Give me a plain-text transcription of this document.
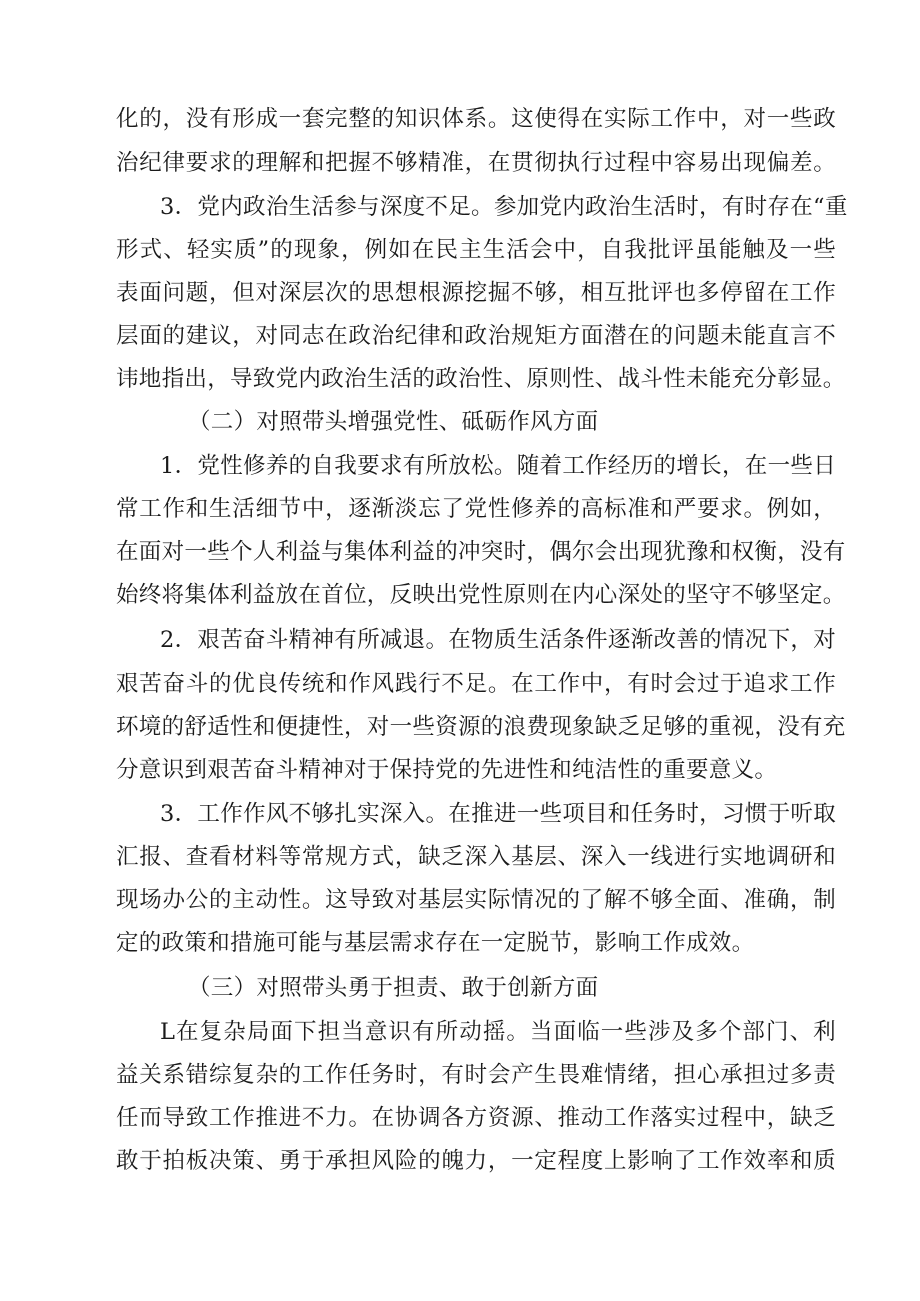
化的，没有形成一套完整的知识体系。这使得在实际工作中，对一些政
治纪律要求的理解和把握不够精准，在贯彻执行过程中容易出现偏差。
3．党内政治生活参与深度不足。参加党内政治生活时，有时存在“重
形式、轻实质”的现象，例如在民主生活会中，自我批评虽能触及一些
表面问题，但对深层次的思想根源挖掘不够，相互批评也多停留在工作
层面的建议，对同志在政治纪律和政治规矩方面潜在的问题未能直言不
讳地指出，导致党内政治生活的政治性、原则性、战斗性未能充分彰显。
（二）对照带头增强党性、砥砺作风方面
1．党性修养的自我要求有所放松。随着工作经历的增长，在一些日
常工作和生活细节中，逐渐淡忘了党性修养的高标准和严要求。例如，
在面对一些个人利益与集体利益的冲突时，偶尔会出现犹豫和权衡，没有
始终将集体利益放在首位，反映出党性原则在内心深处的坚守不够坚定。
2．艰苦奋斗精神有所减退。在物质生活条件逐渐改善的情况下，对
艰苦奋斗的优良传统和作风践行不足。在工作中，有时会过于追求工作
环境的舒适性和便捷性，对一些资源的浪费现象缺乏足够的重视，没有充
分意识到艰苦奋斗精神对于保持党的先进性和纯洁性的重要意义。
3．工作作风不够扎实深入。在推进一些项目和任务时，习惯于听取
汇报、查看材料等常规方式，缺乏深入基层、深入一线进行实地调研和
现场办公的主动性。这导致对基层实际情况的了解不够全面、准确，制
定的政策和措施可能与基层需求存在一定脱节，影响工作成效。
（三）对照带头勇于担责、敢于创新方面
L在复杂局面下担当意识有所动摇。当面临一些涉及多个部门、利
益关系错综复杂的工作任务时，有时会产生畏难情绪，担心承担过多责
任而导致工作推进不力。在协调各方资源、推动工作落实过程中，缺乏
敢于拍板决策、勇于承担风险的魄力，一定程度上影响了工作效率和质
